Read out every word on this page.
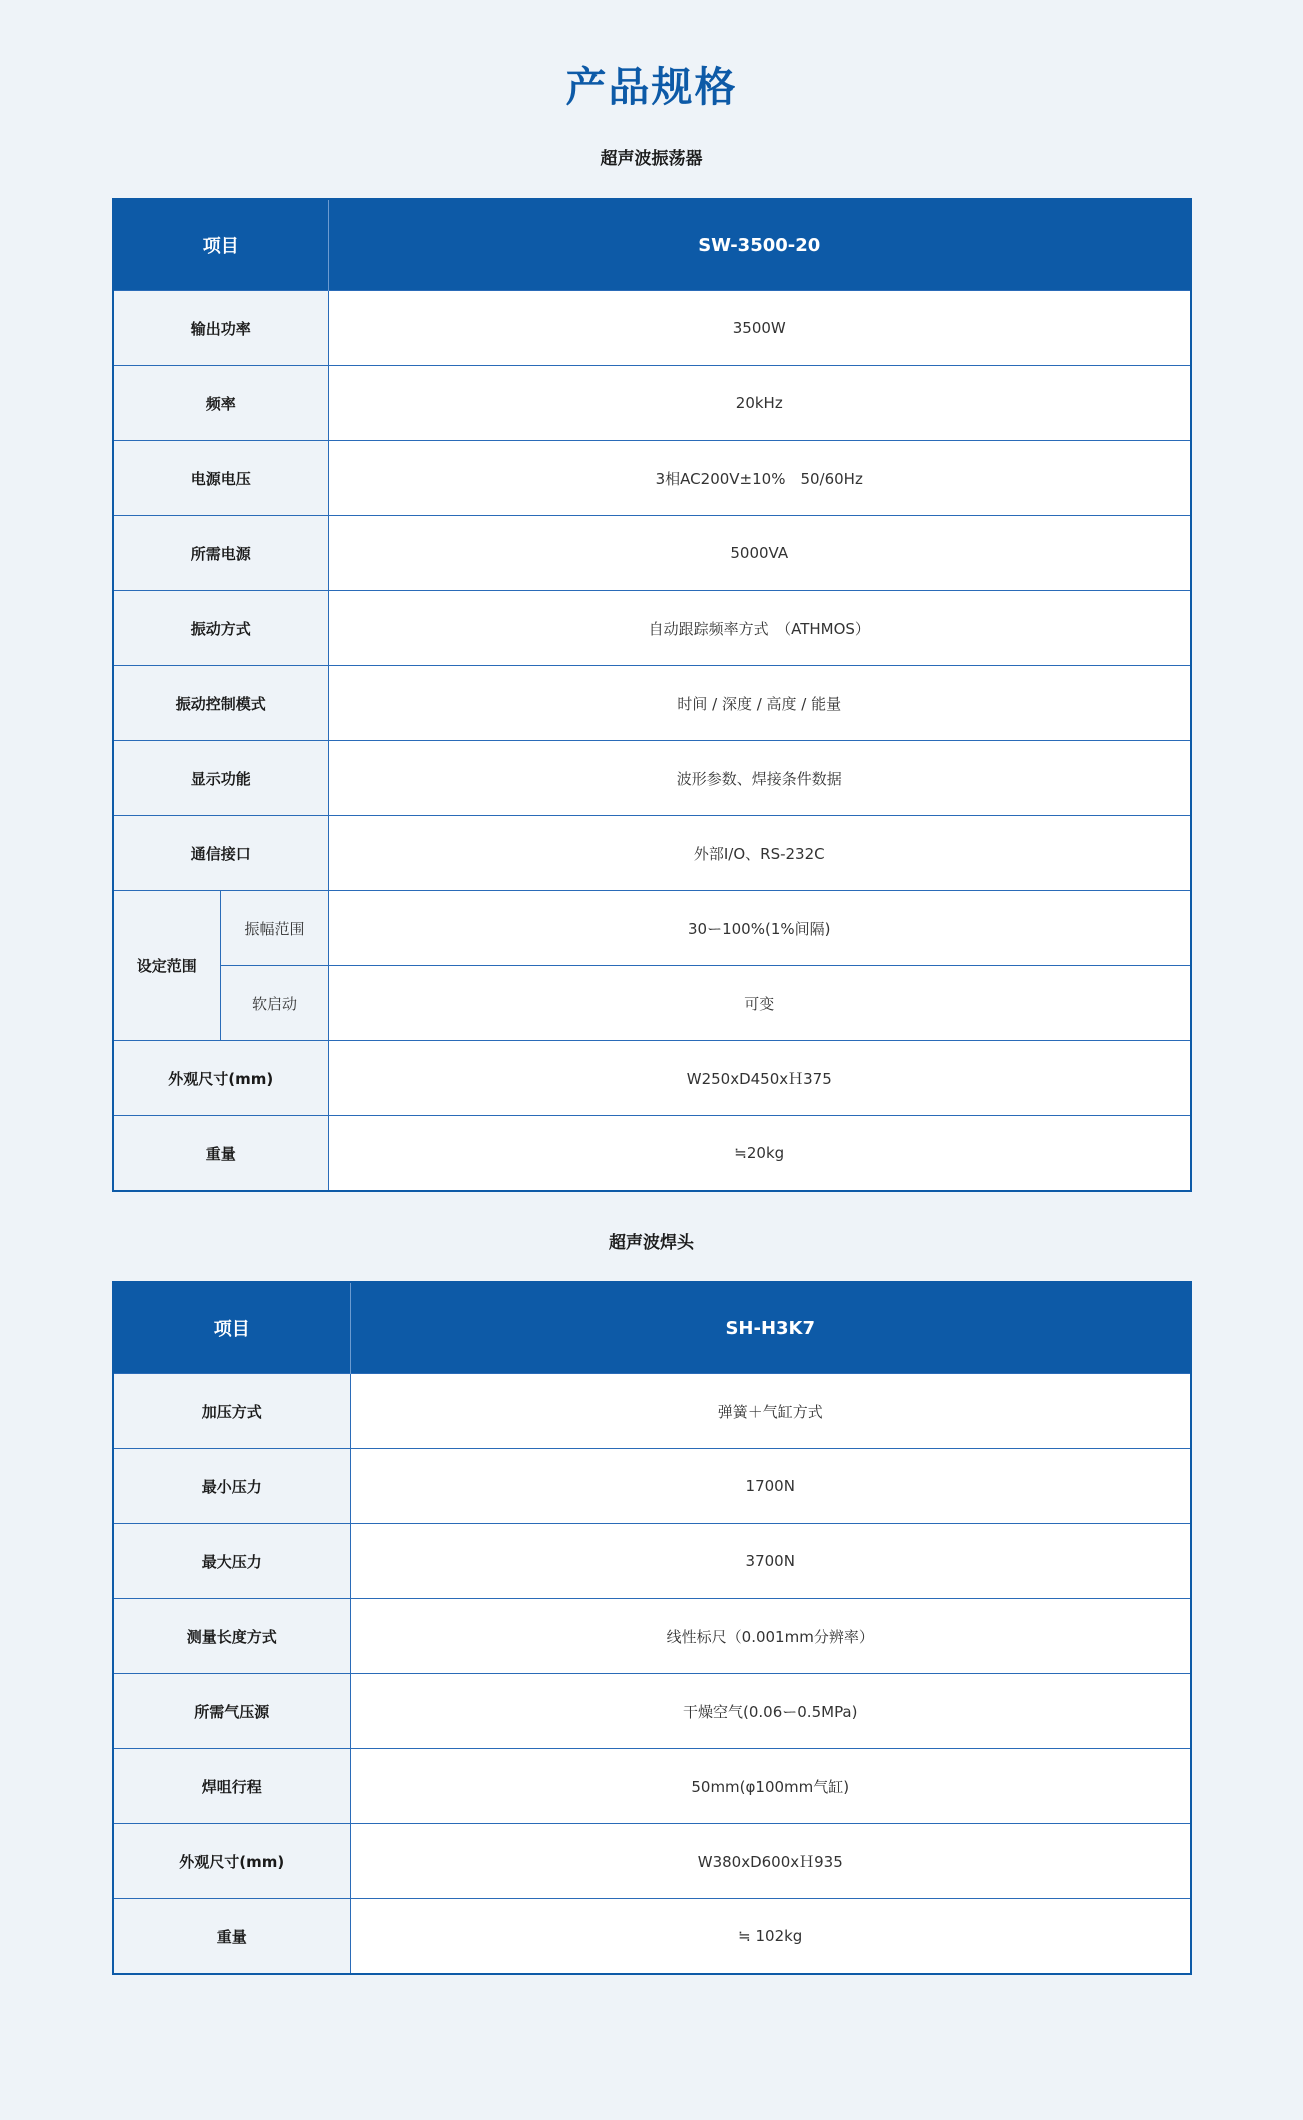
产品规格
超声波振荡器
项目		SW-3500-20
输出功率		3500W
频率		20kHz
电源电压		3相AC200V±10%　50/60Hz
所需电源		5000VA
振动方式		自动跟踪频率方式　（ATHMOS）
振动控制模式		时间 / 深度 / 高度 / 能量
显示功能		波形参数、焊接条件数据
通信接口		外部I/O、RS-232C
设定范围	振幅范围	30ー100%(1%间隔)
	软启动	可变
外观尺寸(mm)		W250xD450xＨ375
重量		≒20kg
超声波焊头
项目	SH-H3K7
加压方式	弹簧＋气缸方式
最小压力	1700N
最大压力	3700N
测量长度方式	线性标尺（0.001mm分辨率）
所需气压源	干燥空气(0.06ー0.5MPa)
焊咀行程	50mm(φ100mm气缸)
外观尺寸(mm)	W380xD600xＨ935
重量	≒ 102kg
